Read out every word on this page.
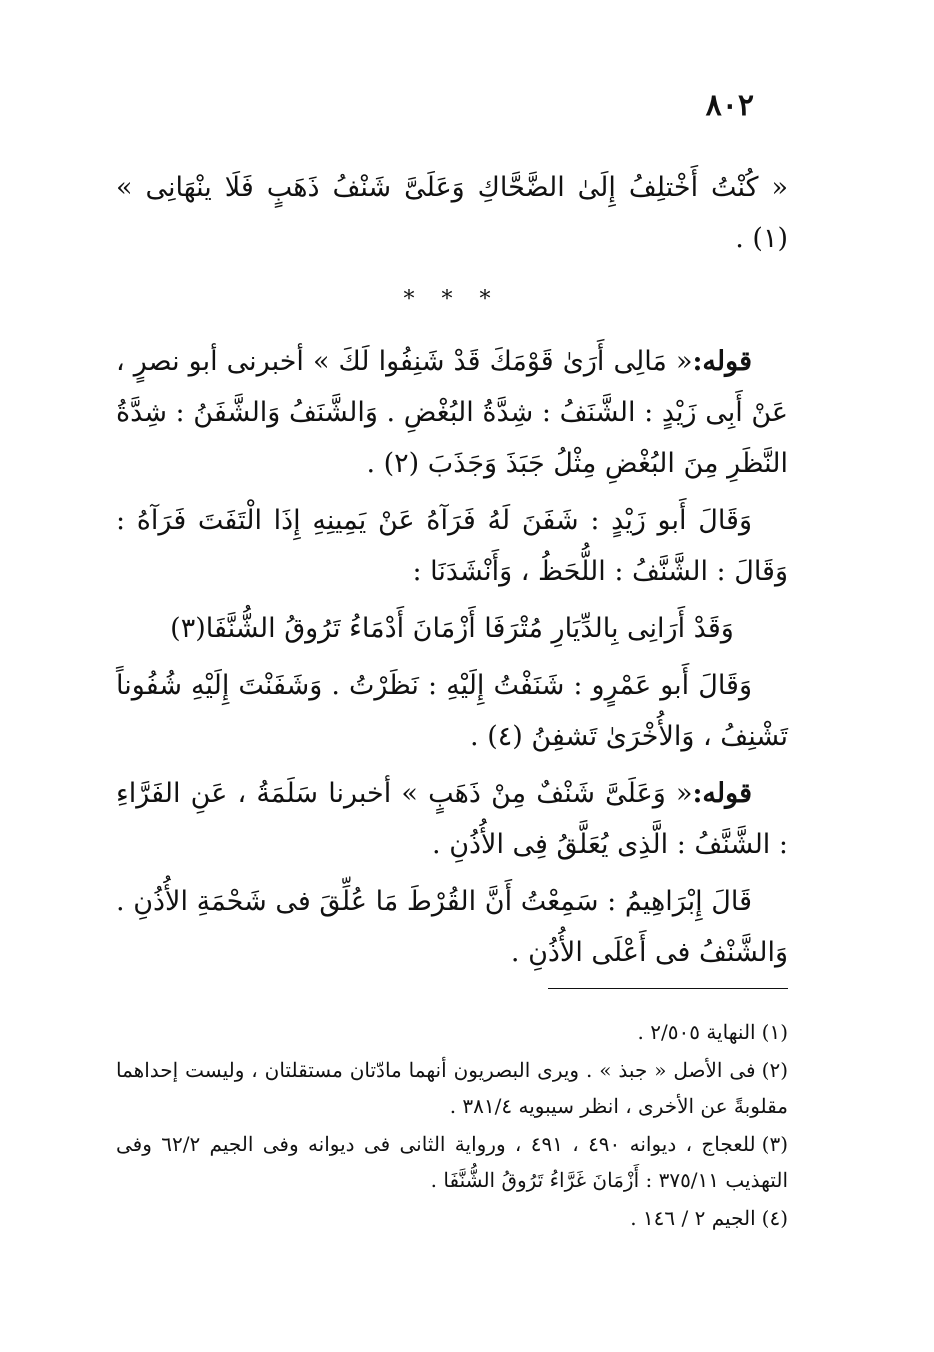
٨٠٢

« كُنْتُ أَخْتلِفُ إِلَىٰ الضَّحَّاكِ وَعَلَىَّ شَنْفُ ذَهَبٍ فَلَا ينْهَانِى » (١) .

* * *

قوله:« مَالِى أَرَىٰ قَوْمَكَ قَدْ شَنِفُوا لَكَ » أخبرنى أبو نصرٍ ، عَنْ أَبِى زَيْدٍ : الشَّنَفُ : شِدَّةُ البُغْضِ . وَالشَّنَفُ وَالشَّفَنُ : شِدَّةُ النَّظَرِ مِنَ البُغْضِ مِثْلُ جَبَذَ وَجَذَبَ (٢) .

وَقَالَ أَبو زَيْدٍ : شَفَنَ لَهُ فَرَآهُ عَنْ يَمِينِهِ إِذَا الْتَفَتَ فَرَآهُ : وَقَالَ : الشَّنَّفُ : اللُّحَظُ ، وَأَنْشَدَنَا :

وَقَدْ أَرَانِى بِالدِّيَارِ مُتْرَفَا أَزْمَانَ أَدْمَاءُ تَرُوقُ الشُّنَّفَا(٣)

وَقَالَ أَبو عَمْرٍو : شَنَفْتُ إِلَيْهِ : نَظَرْتُ . وَشَفَنْتَ إِلَيْهِ شُفُوناً تَشْنِفُ ، وَالأُخْرَىٰ تَشفِنُ (٤) .

قوله:« وَعَلَىَّ شَنْفٌ مِنْ ذَهَبٍ » أخبرنا سَلَمَةُ ، عَنِ الفَرَّاءِ : الشَّنَّفُ : الَّذِى يُعَلَّقُ فِى الأُذُنِ .

قَالَ إِبْرَاهِيمُ : سَمِعْتُ أَنَّ القُرْطَ مَا عُلِّقَ فى شَحْمَةِ الأُذُنِ . وَالشَّنْفُ فى أَعْلَى الأُذُنِ .

(١)النهاية ٢/٥٠٥ .

(٢)فى الأصل « جبذ » . ويرى البصريون أنهما مادّتان مستقلتان ، وليست إحداهما مقلوبةً عن الأخرى ، انظر سيبويه ٣٨١/٤ .

(٣)للعجاج ، ديوانه ٤٩٠ ، ٤٩١ ، ورواية الثانى فى ديوانه وفى الجيم ٦٢/٢ وفى التهذيب ٣٧٥/١١ : أَزْمَانَ غَرَّاءُ تَرُوقُ الشُّنَّفَا .

(٤)الجيم ٢ / ١٤٦ .
